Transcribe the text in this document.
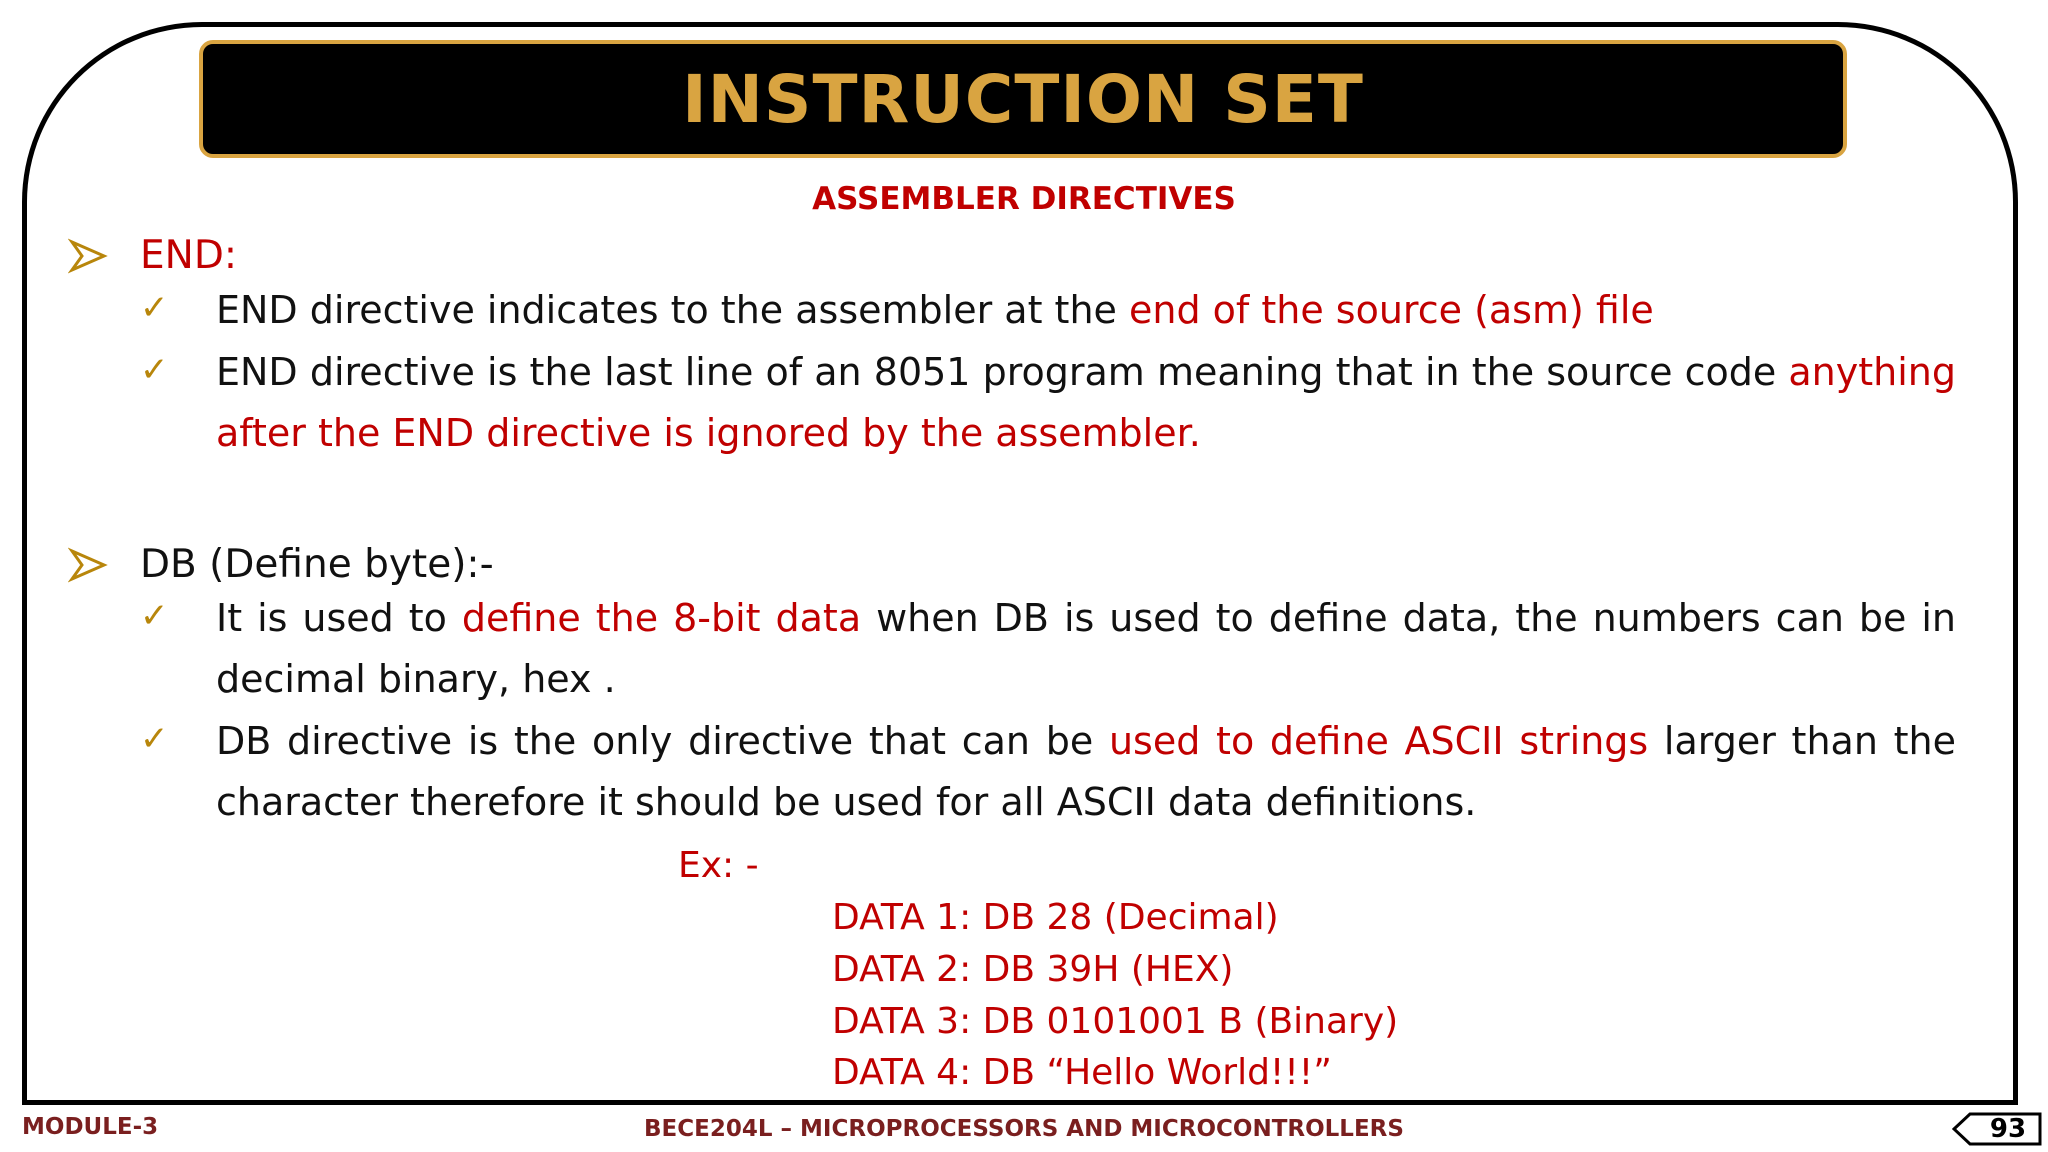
INSTRUCTION SET
ASSEMBLER DIRECTIVES
END:
✓ END directive indicates to the assembler at the end of the source (asm) file
✓ END directive is the last line of an 8051 program meaning that in the source code anything after the END directive is ignored by the assembler.
DB (Define byte):-
✓ It is used to define the 8-bit data when DB is used to define data, the numbers can be in decimal binary, hex .
✓ DB directive is the only directive that can be used to define ASCII strings larger than the character therefore it should be used for all ASCII data definitions.
Ex: -
DATA 1: DB 28 (Decimal)
DATA 2: DB 39H (HEX)
DATA 3: DB 0101001 B (Binary)
DATA 4: DB “Hello World!!!”
MODULE-3	BECE204L – MICROPROCESSORS AND MICROCONTROLLERS	93
